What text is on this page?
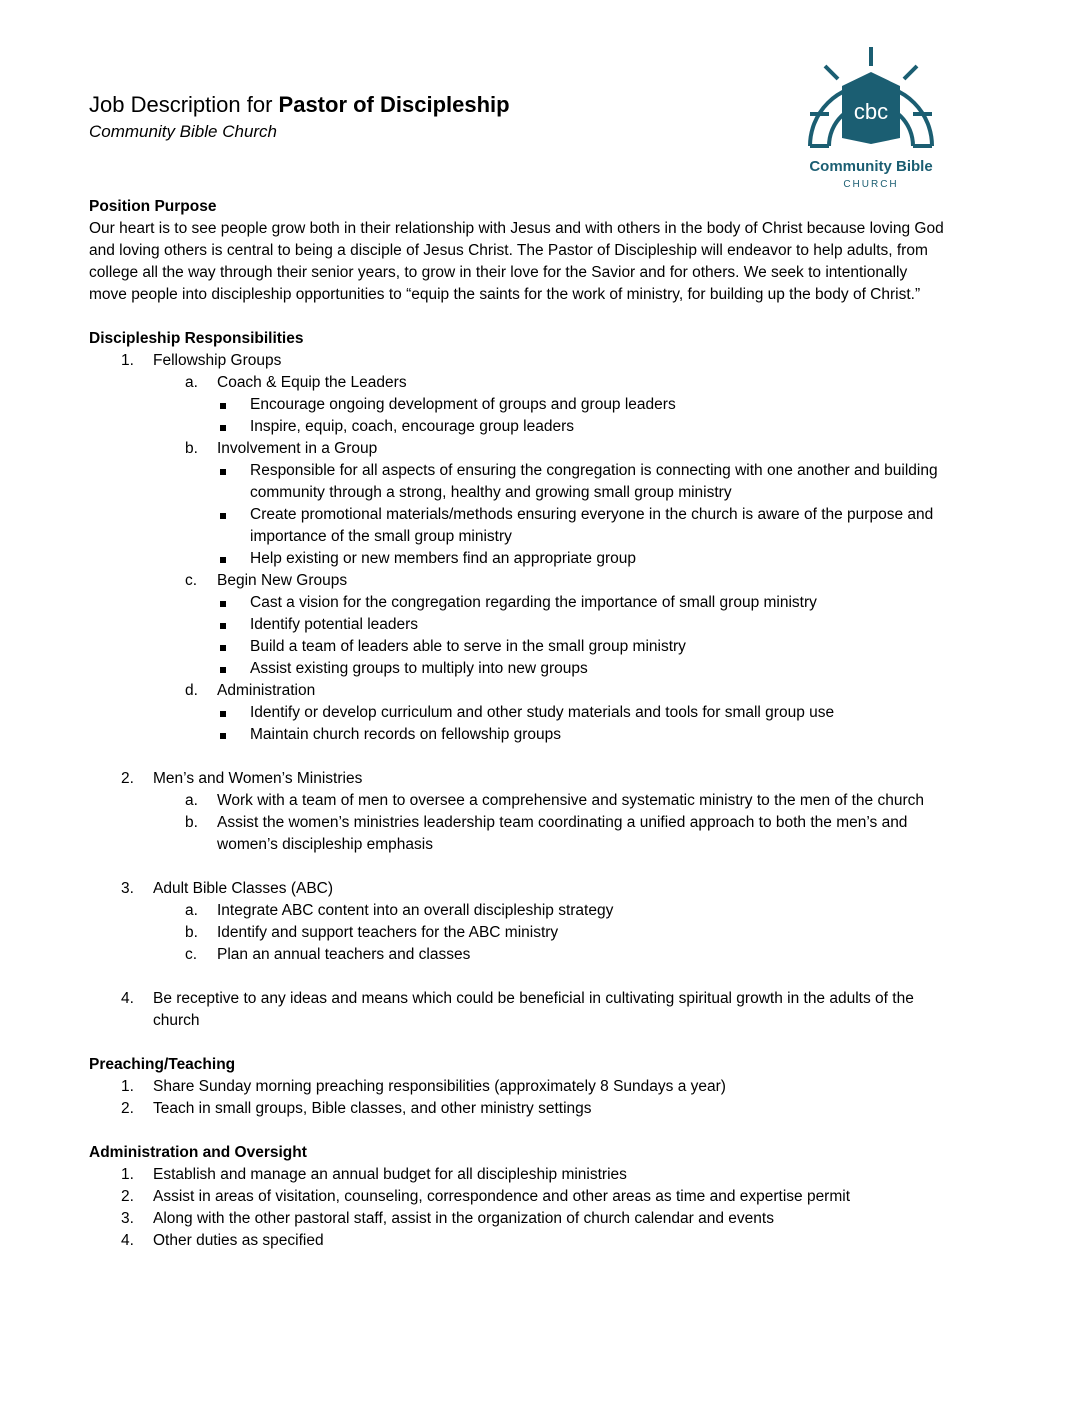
cbc
Community Bible
CHURCH
Job Description for Pastor of Discipleship
Community Bible Church
Position Purpose
Our heart is to see people grow both in their relationship with Jesus and with others in the body of Christ because loving God
and loving others is central to being a disciple of Jesus Christ. The Pastor of Discipleship will endeavor to help adults, from
college all the way through their senior years, to grow in their love for the Savior and for others. We seek to intentionally
move people into discipleship opportunities to “equip the saints for the work of ministry, for building up the body of Christ.”
Discipleship Responsibilities
1. Fellowship Groups
a. Coach & Equip the Leaders
Encourage ongoing development of groups and group leaders
Inspire, equip, coach, encourage group leaders
b. Involvement in a Group
Responsible for all aspects of ensuring the congregation is connecting with one another and building
community through a strong, healthy and growing small group ministry
Create promotional materials/methods ensuring everyone in the church is aware of the purpose and
importance of the small group ministry
Help existing or new members find an appropriate group
c. Begin New Groups
Cast a vision for the congregation regarding the importance of small group ministry
Identify potential leaders
Build a team of leaders able to serve in the small group ministry
Assist existing groups to multiply into new groups
d. Administration
Identify or develop curriculum and other study materials and tools for small group use
Maintain church records on fellowship groups
2. Men’s and Women’s Ministries
a. Work with a team of men to oversee a comprehensive and systematic ministry to the men of the church
b. Assist the women’s ministries leadership team coordinating a unified approach to both the men’s and
women’s discipleship emphasis
3. Adult Bible Classes (ABC)
a. Integrate ABC content into an overall discipleship strategy
b. Identify and support teachers for the ABC ministry
c. Plan an annual teachers and classes
4. Be receptive to any ideas and means which could be beneficial in cultivating spiritual growth in the adults of the
church
Preaching/Teaching
1. Share Sunday morning preaching responsibilities (approximately 8 Sundays a year)
2. Teach in small groups, Bible classes, and other ministry settings
Administration and Oversight
1. Establish and manage an annual budget for all discipleship ministries
2. Assist in areas of visitation, counseling, correspondence and other areas as time and expertise permit
3. Along with the other pastoral staff, assist in the organization of church calendar and events
4. Other duties as specified
